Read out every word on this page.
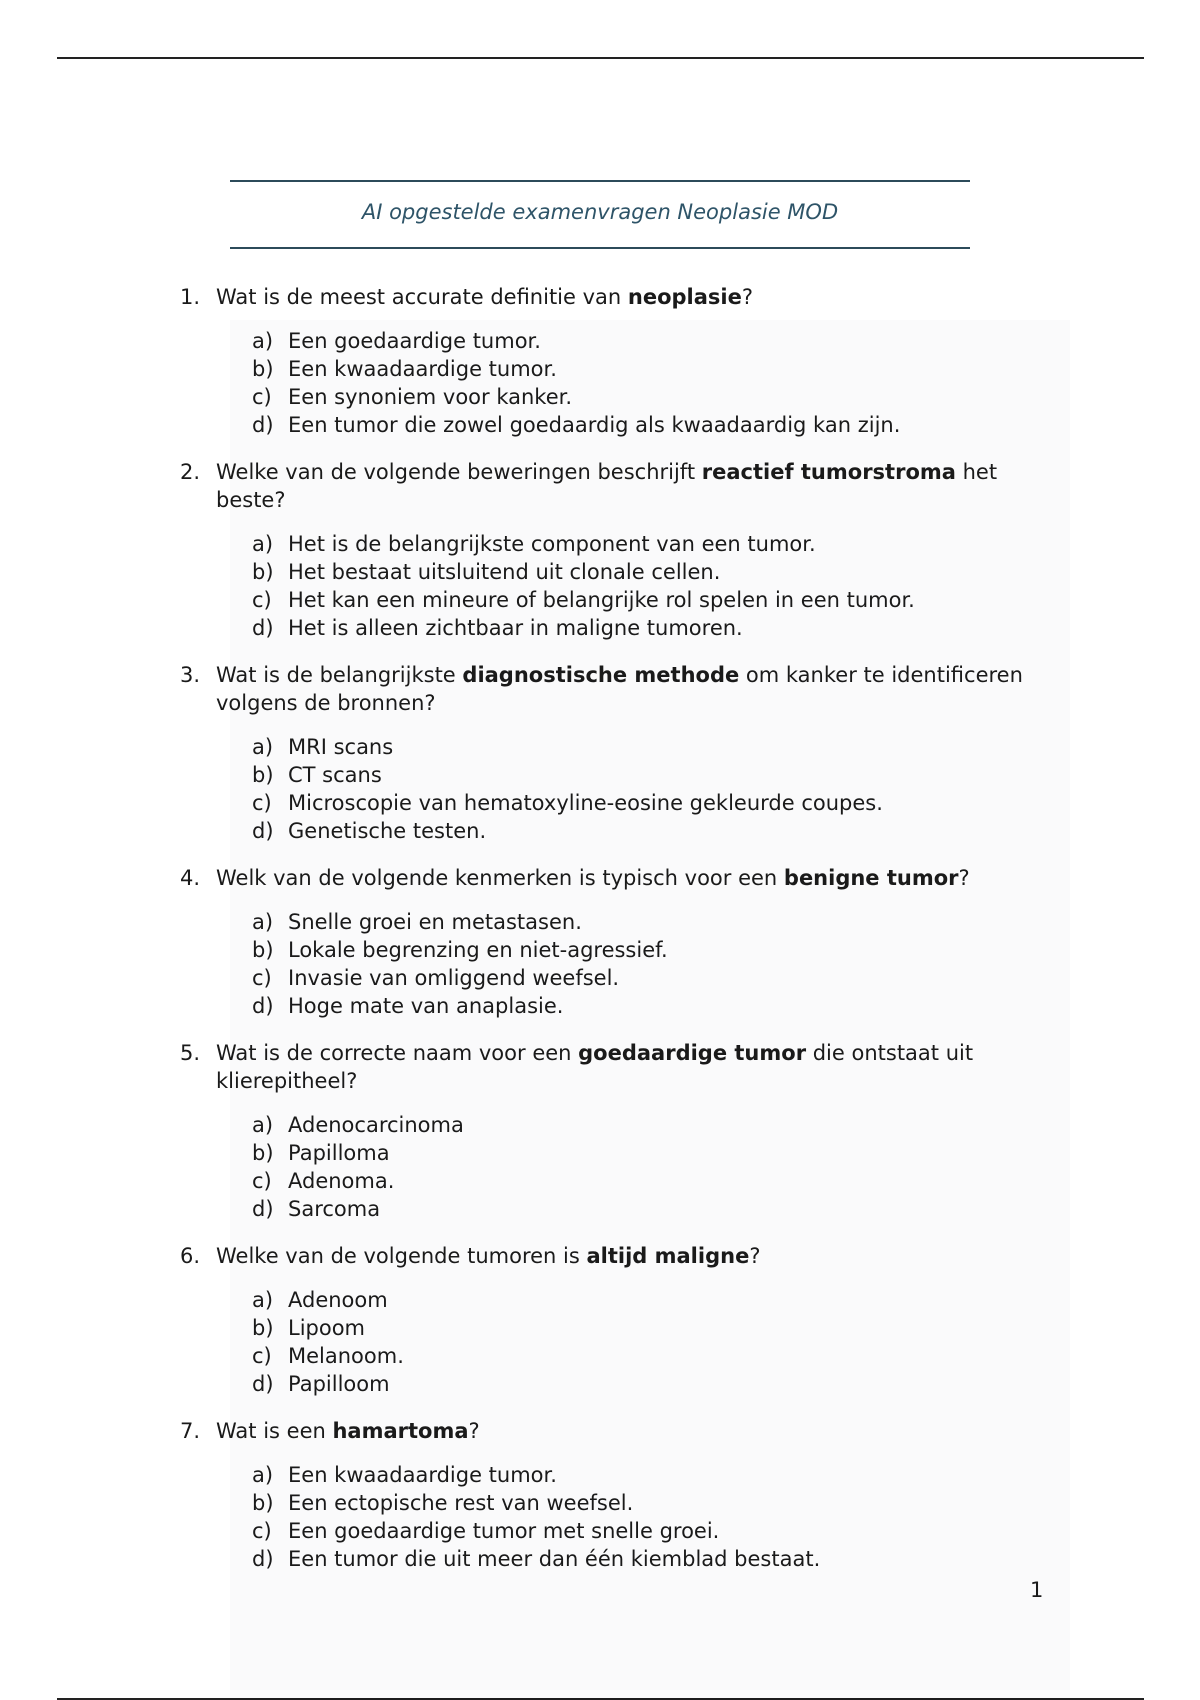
AI opgestelde examenvragen Neoplasie MOD
1. Wat is de meest accurate definitie van neoplasie?
a) Een goedaardige tumor.
b) Een kwaadaardige tumor.
c) Een synoniem voor kanker.
d) Een tumor die zowel goedaardig als kwaadaardig kan zijn.
2. Welke van de volgende beweringen beschrijft reactief tumorstroma het beste?
a) Het is de belangrijkste component van een tumor.
b) Het bestaat uitsluitend uit clonale cellen.
c) Het kan een mineure of belangrijke rol spelen in een tumor.
d) Het is alleen zichtbaar in maligne tumoren.
3. Wat is de belangrijkste diagnostische methode om kanker te identificeren volgens de bronnen?
a) MRI scans
b) CT scans
c) Microscopie van hematoxyline-eosine gekleurde coupes.
d) Genetische testen.
4. Welk van de volgende kenmerken is typisch voor een benigne tumor?
a) Snelle groei en metastasen.
b) Lokale begrenzing en niet-agressief.
c) Invasie van omliggend weefsel.
d) Hoge mate van anaplasie.
5. Wat is de correcte naam voor een goedaardige tumor die ontstaat uit klierepitheel?
a) Adenocarcinoma
b) Papilloma
c) Adenoma.
d) Sarcoma
6. Welke van de volgende tumoren is altijd maligne?
a) Adenoom
b) Lipoom
c) Melanoom.
d) Papilloom
7. Wat is een hamartoma?
a) Een kwaadaardige tumor.
b) Een ectopische rest van weefsel.
c) Een goedaardige tumor met snelle groei.
d) Een tumor die uit meer dan één kiemblad bestaat.
1
